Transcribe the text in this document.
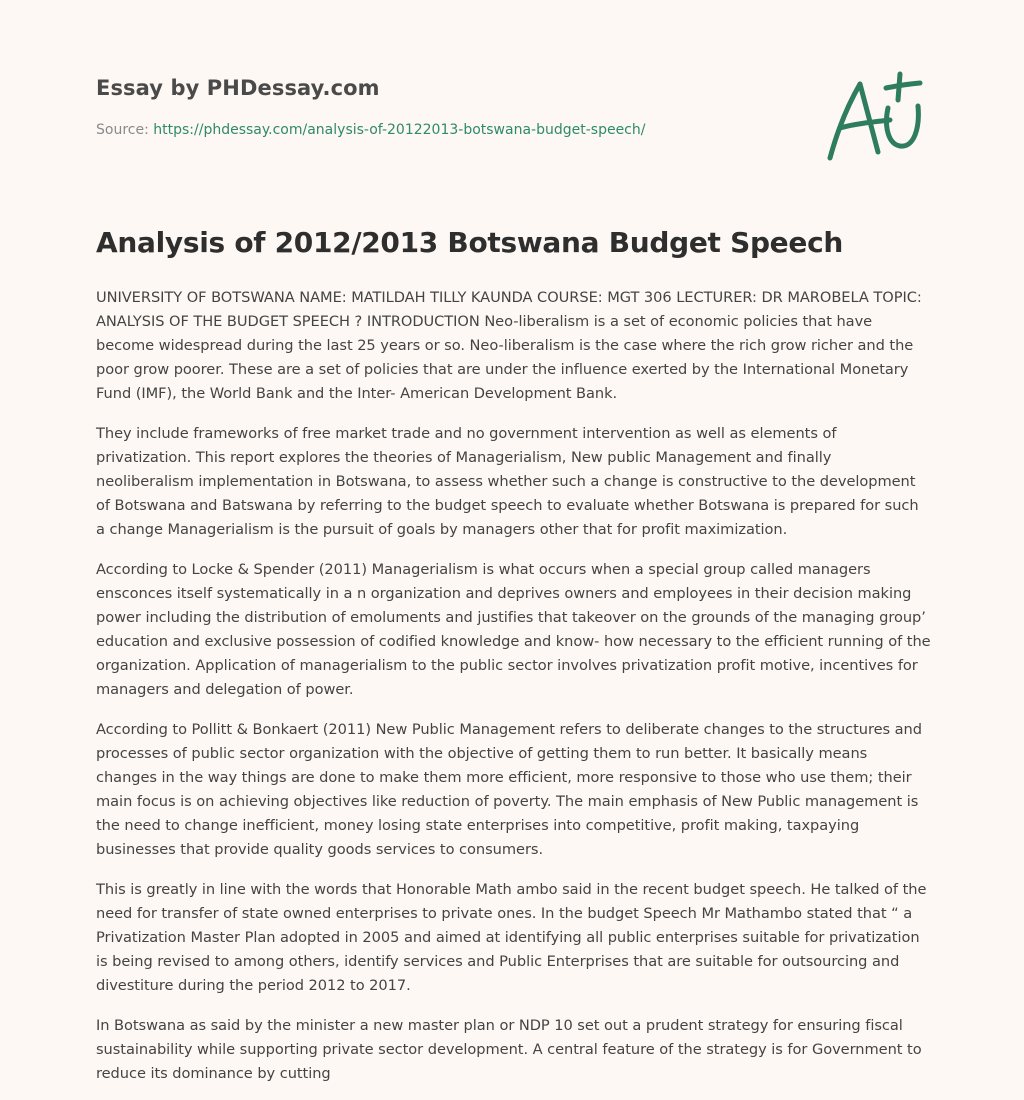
Essay by PHDessay.com
Source: https://phdessay.com/analysis-of-20122013-botswana-budget-speech/
Analysis of 2012/2013 Botswana Budget Speech

UNIVERSITY OF BOTSWANA NAME: MATILDAH TILLY KAUNDA COURSE: MGT 306 LECTURER: DR MAROBELA TOPIC: ANALYSIS OF THE BUDGET SPEECH ? INTRODUCTION Neo-liberalism is a set of economic policies that have become widespread during the last 25 years or so. Neo-liberalism is the case where the rich grow richer and the poor grow poorer. These are a set of policies that are under the influence exerted by the International Monetary Fund (IMF), the World Bank and the Inter- American Development Bank.

They include frameworks of free market trade and no government intervention as well as elements of privatization. This report explores the theories of Managerialism, New public Management and finally neoliberalism implementation in Botswana, to assess whether such a change is constructive to the development of Botswana and Batswana by referring to the budget speech to evaluate whether Botswana is prepared for such a change Managerialism is the pursuit of goals by managers other that for profit maximization.

According to Locke & Spender (2011) Managerialism is what occurs when a special group called managers ensconces itself systematically in a n organization and deprives owners and employees in their decision making power including the distribution of emoluments and justifies that takeover on the grounds of the managing group’ education and exclusive possession of codified knowledge and know- how necessary to the efficient running of the organization. Application of managerialism to the public sector involves privatization profit motive, incentives for managers and delegation of power.

According to Pollitt & Bonkaert (2011) New Public Management refers to deliberate changes to the structures and processes of public sector organization with the objective of getting them to run better. It basically means changes in the way things are done to make them more efficient, more responsive to those who use them; their main focus is on achieving objectives like reduction of poverty. The main emphasis of New Public management is the need to change inefficient, money losing state enterprises into competitive, profit making, taxpaying businesses that provide quality goods services to consumers.

This is greatly in line with the words that Honorable Math ambo said in the recent budget speech. He talked of the need for transfer of state owned enterprises to private ones. In the budget Speech Mr Mathambo stated that “ a Privatization Master Plan adopted in 2005 and aimed at identifying all public enterprises suitable for privatization is being revised to among others, identify services and Public Enterprises that are suitable for outsourcing and divestiture during the period 2012 to 2017.

In Botswana as said by the minister a new master plan or NDP 10 set out a prudent strategy for ensuring fiscal sustainability while supporting private sector development. A central feature of the strategy is for Government to reduce its dominance by cutting
